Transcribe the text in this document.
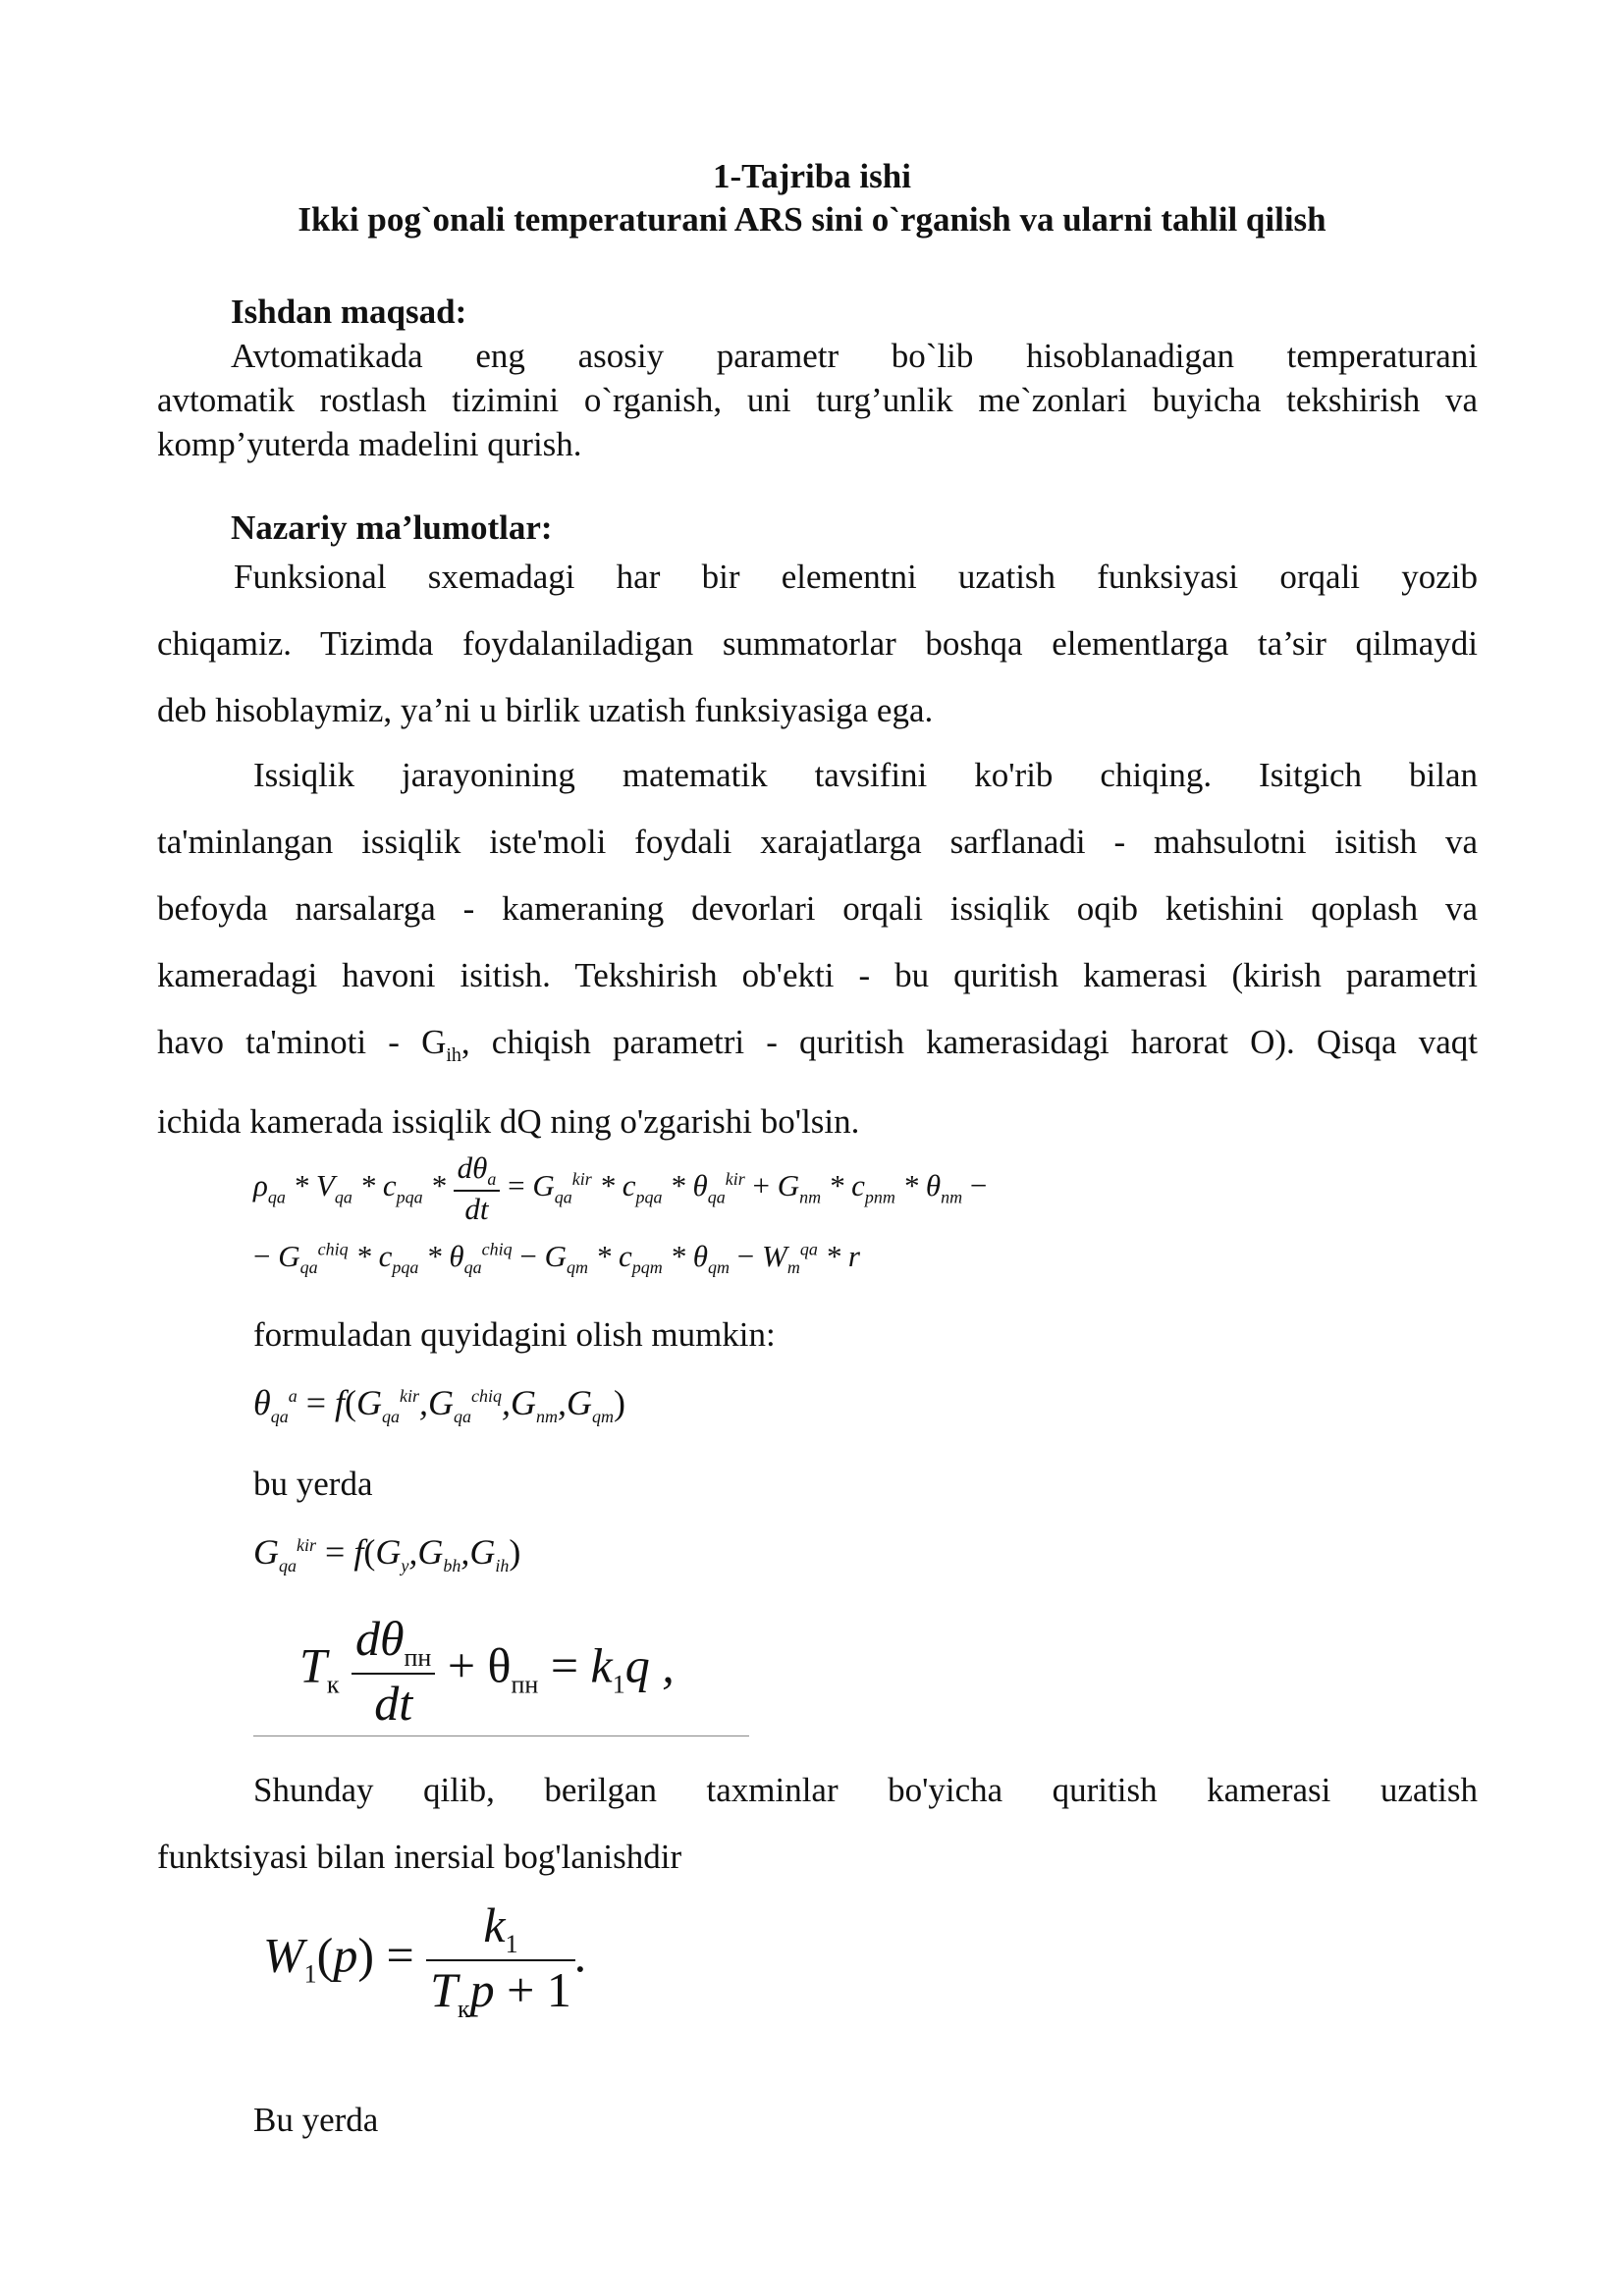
1-Tajriba ishi
Ikki pog`onali temperaturani ARS sini o`rganish va ularni tahlil qilish
Ishdan maqsad:
Avtomatikada eng asosiy parametr bo`lib hisoblanadigan temperaturani
avtomatik rostlash tizimini o`rganish, uni turg’unlik me`zonlari buyicha tekshirish va
komp’yuterda madelini qurish.
Nazariy ma’lumotlar:
Funksional sxemadagi har bir elementni uzatish funksiyasi orqali yozib
chiqamiz. Tizimda foydalaniladigan summatorlar boshqa elementlarga ta’sir qilmaydi
deb hisoblaymiz, ya’ni u birlik uzatish funksiyasiga ega.
Issiqlik jarayonining matematik tavsifini ko'rib chiqing. Isitgich bilan
ta'minlangan issiqlik iste'moli foydali xarajatlarga sarflanadi - mahsulotni isitish va
befoyda narsalarga - kameraning devorlari orqali issiqlik oqib ketishini qoplash va
kameradagi havoni isitish. Tekshirish ob'ekti - bu quritish kamerasi (kirish parametri
havo ta'minoti - $G_{ih}$, chiqish parametri - quritish kamerasidagi harorat O). Qisqa vaqt
ichida kamerada issiqlik dQ ning o'zgarishi bo'lsin.
$\rho_{qa} * V_{qa} * c_{pqa} * \frac{d\theta_a}{dt} = G_{qa}^{kir} * c_{pqa} * \theta_{qa}^{kir} + G_{nm} * c_{pnm} * \theta_{nm}$ −
− $G_{qa}^{chiq} * c_{pqa} * \theta_{qa}^{chiq} - G_{qm} * c_{pqm} * \theta_{qm} - W_m^{qa} * r$
formuladan quyidagini olish mumkin:
$\theta_{qa}^a = f(G_{qa}^{kir},G_{qa}^{chiq},G_{nm},G_{qm})$
bu yerda
$G_{qa}^{kir} = f(G_y,G_{bh},G_{ih})$
$T_к \frac{d\theta_{пн}}{dt} + \theta_{пн} = k_1q$ ,
Shunday qilib, berilgan taxminlar bo'yicha quritish kamerasi uzatish
funktsiyasi bilan inersial bog'lanishdir
$W_1(p) = \frac{k_1}{T_кp + 1}$ .
Bu yerda
